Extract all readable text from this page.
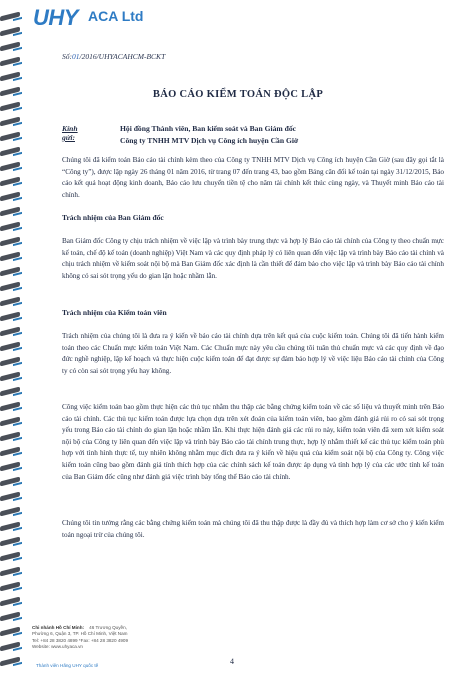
UHY ACA Ltd
Số:01/2016/UHYACAHCM-BCKT
BÁO CÁO KIỂM TOÁN ĐỘC LẬP
Kính gửi:
Hội đồng Thành viên, Ban kiểm soát và Ban Giám đốc
Công ty TNHH MTV Dịch vụ Công ích huyện Cần Giờ

Chúng tôi đã kiểm toán Báo cáo tài chính kèm theo của Công ty TNHH MTV Dịch vụ Công ích huyện Cần Giờ (sau đây gọi tắt là “Công ty”), được lập ngày 26 tháng 01 năm 2016, từ trang 07 đến trang 43, bao gồm Bảng cân đối kế toán tại ngày 31/12/2015, Báo cáo kết quả hoạt động kinh doanh, Báo cáo lưu chuyển tiền tệ cho năm tài chính kết thúc cùng ngày, và Thuyết minh Báo cáo tài chính.

Trách nhiệm của Ban Giám đốc

Ban Giám đốc Công ty chịu trách nhiệm về việc lập và trình bày trung thực và hợp lý Báo cáo tài chính của Công ty theo chuẩn mực kế toán, chế độ kế toán (doanh nghiệp) Việt Nam và các quy định pháp lý có liên quan đến việc lập và trình bày Báo cáo tài chính và chịu trách nhiệm về kiểm soát nội bộ mà Ban Giám đốc xác định là cần thiết để đảm bảo cho việc lập và trình bày Báo cáo tài chính không có sai sót trọng yếu do gian lận hoặc nhầm lẫn.

Trách nhiệm của Kiểm toán viên

Trách nhiệm của chúng tôi là đưa ra ý kiến về báo cáo tài chính dựa trên kết quả của cuộc kiểm toán. Chúng tôi đã tiến hành kiểm toán theo các Chuẩn mực kiểm toán Việt Nam. Các Chuẩn mực này yêu cầu chúng tôi tuân thủ chuẩn mực và các quy định về đạo đức nghề nghiệp, lập kế hoạch và thực hiện cuộc kiểm toán để đạt được sự đảm bảo hợp lý về việc liệu Báo cáo tài chính của Công ty có còn sai sót trọng yếu hay không.

Công việc kiểm toán bao gồm thực hiện các thủ tục nhằm thu thập các bằng chứng kiểm toán về các số liệu và thuyết minh trên Báo cáo tài chính. Các thủ tục kiểm toán được lựa chọn dựa trên xét đoán của kiểm toán viên, bao gồm đánh giá rủi ro có sai sót trọng yếu trong Báo cáo tài chính do gian lận hoặc nhầm lẫn. Khi thực hiện đánh giá các rủi ro này, kiểm toán viên đã xem xét kiểm soát nội bộ của Công ty liên quan đến việc lập và trình bày Báo cáo tài chính trung thực, hợp lý nhằm thiết kế các thủ tục kiểm toán phù hợp với tình hình thực tế, tuy nhiên không nhằm mục đích đưa ra ý kiến về hiệu quả của kiểm soát nội bộ của Công ty. Công việc kiểm toán cũng bao gồm đánh giá tính thích hợp của các chính sách kế toán được áp dụng và tính hợp lý của các ước tính kế toán của Ban Giám đốc cũng như đánh giá việc trình bày tổng thể Báo cáo tài chính.

Chúng tôi tin tưởng rằng các bằng chứng kiểm toán mà chúng tôi đã thu thập được là đầy đủ và thích hợp làm cơ sở cho ý kiến kiểm toán ngoại trừ của chúng tôi.

Chi nhánh Hồ Chí Minh: 46 Trương Quyền,
Phường 6, Quận 3, TP. Hồ Chí Minh, Việt Nam
Tel: +84 28 3820 4899 *Fax: +84 28 3820 4909
Website: www.uhyaca.vn
Thành viên Hãng UHY quốc tế	4
